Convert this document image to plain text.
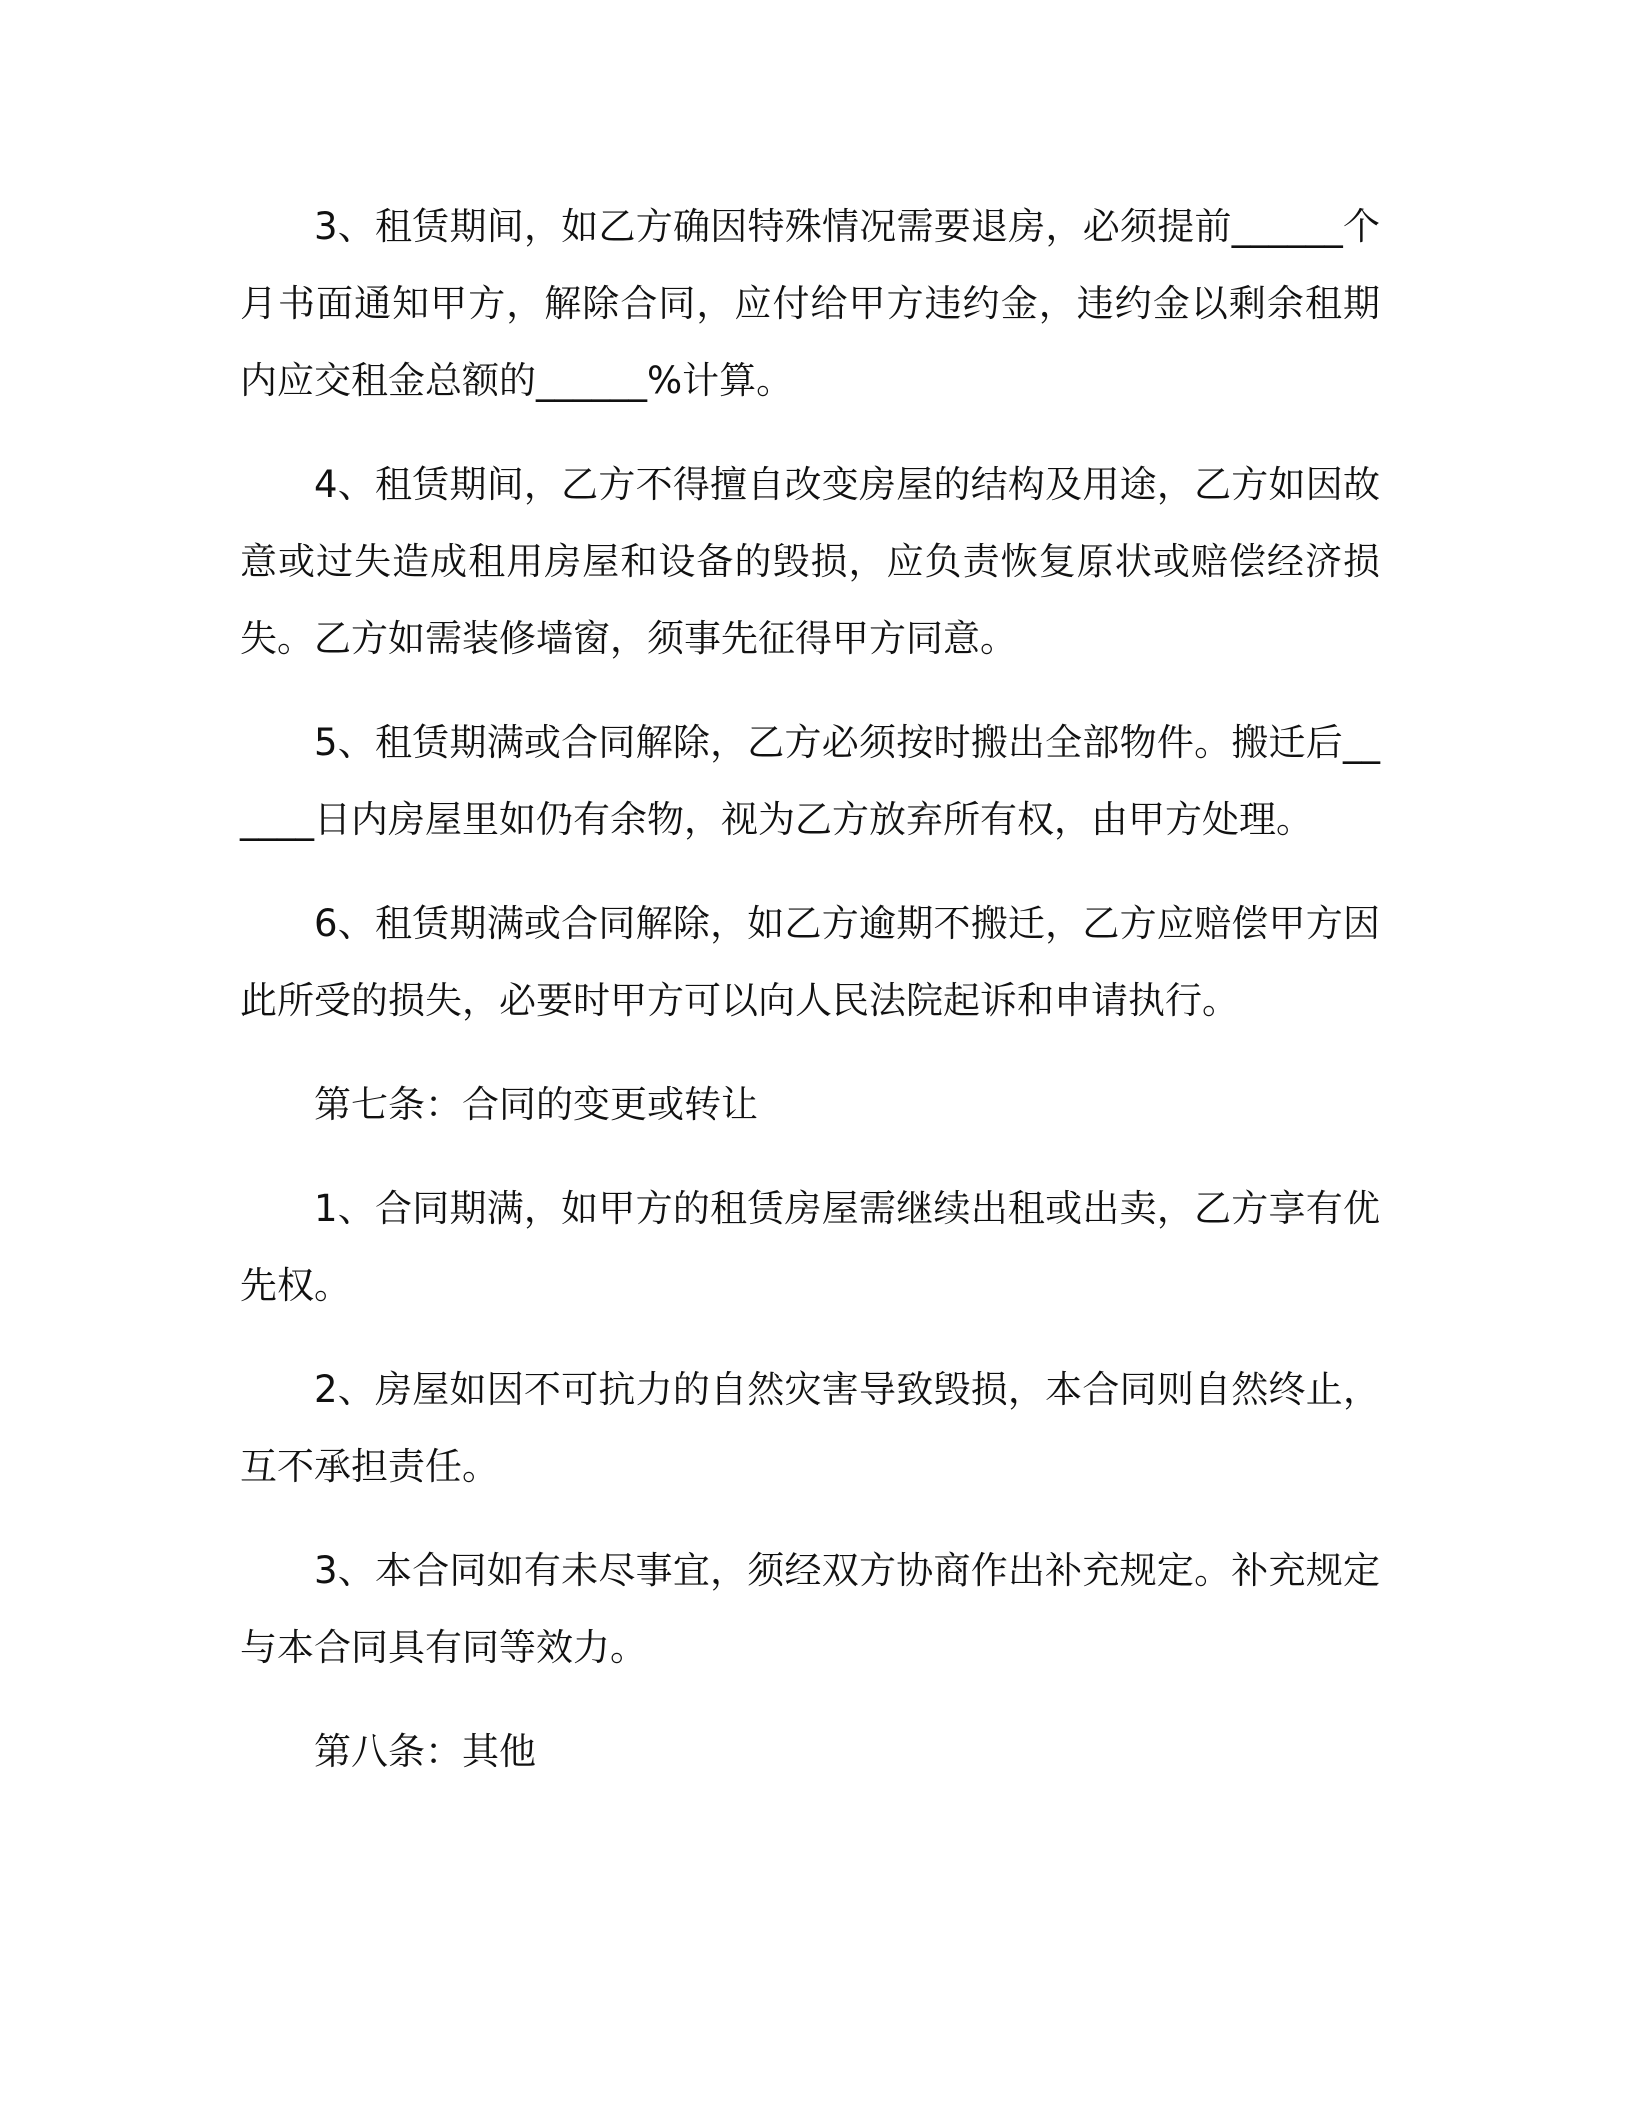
3、租赁期间，如乙方确因特殊情况需要退房，必须提前______个月书面通知甲方，解除合同，应付给甲方违约金，违约金以剩余租期内应交租金总额的______%计算。

4、租赁期间，乙方不得擅自改变房屋的结构及用途，乙方如因故意或过失造成租用房屋和设备的毁损，应负责恢复原状或赔偿经济损失。乙方如需装修墙窗，须事先征得甲方同意。

5、租赁期满或合同解除，乙方必须按时搬出全部物件。搬迁后______日内房屋里如仍有余物，视为乙方放弃所有权，由甲方处理。

6、租赁期满或合同解除，如乙方逾期不搬迁，乙方应赔偿甲方因此所受的损失，必要时甲方可以向人民法院起诉和申请执行。

第七条：合同的变更或转让

1、合同期满，如甲方的租赁房屋需继续出租或出卖，乙方享有优先权。

2、房屋如因不可抗力的自然灾害导致毁损，本合同则自然终止，互不承担责任。

3、本合同如有未尽事宜，须经双方协商作出补充规定。补充规定与本合同具有同等效力。

第八条：其他
